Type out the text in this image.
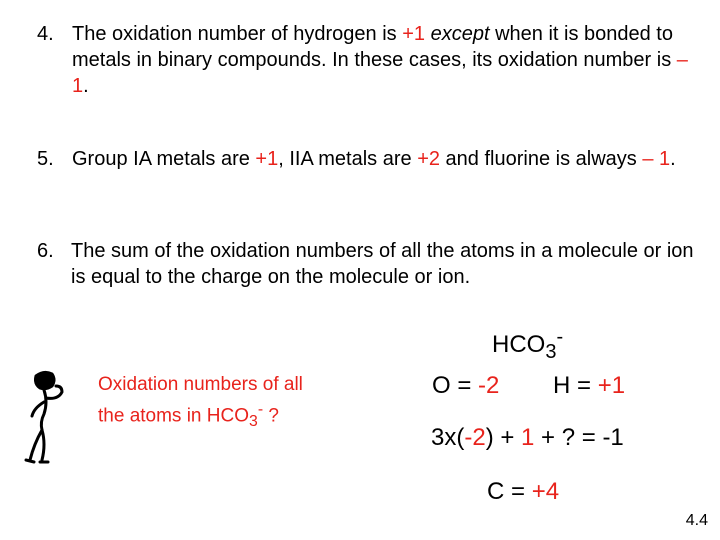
4. The oxidation number of hydrogen is +1 except when it is bonded to metals in binary compounds. In these cases, its oxidation number is – 1.
5. Group IA metals are +1, IIA metals are +2 and fluorine is always – 1.
6. The sum of the oxidation numbers of all the atoms in a molecule or ion is equal to the charge on the molecule or ion.
$HCO_3^-$
Oxidation numbers of all
the atoms in $HCO_3^-$ ?
O = -2 H = +1
3x(-2) + 1 + ? = -1
C = +4
4.4
